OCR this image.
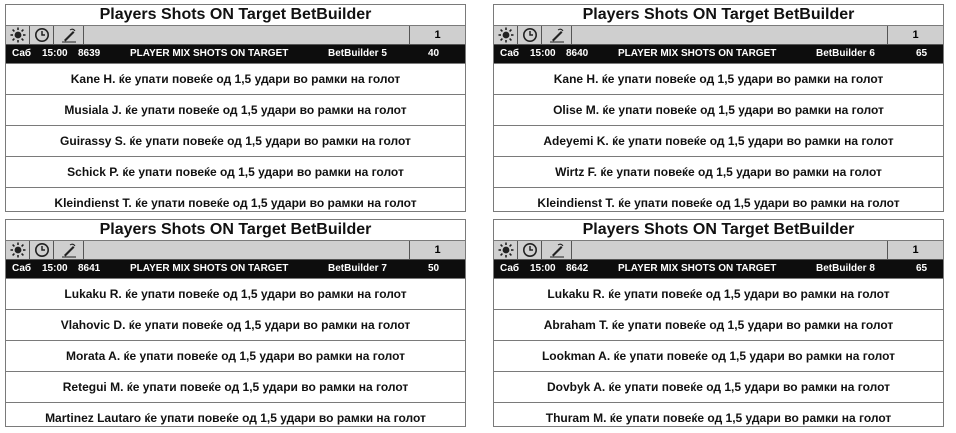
Players Shots ON Target BetBuilder
1
Саб 15:00 8639	PLAYER MIX SHOTS ON TARGET	BetBuilder 5	40
Kane H. ќе упати повеќе од 1,5 удари во рамки на голот
Musiala J. ќе упати повеќе од 1,5 удари во рамки на голот
Guirassy S. ќе упати повеќе од 1,5 удари во рамки на голот
Schick P. ќе упати повеќе од 1,5 удари во рамки на голот
Kleindienst T. ќе упати повеќе од 1,5 удари во рамки на голот
Players Shots ON Target BetBuilder
1
Саб 15:00 8640	PLAYER MIX SHOTS ON TARGET	BetBuilder 6	65
Kane H. ќе упати повеќе од 1,5 удари во рамки на голот
Olise M. ќе упати повеќе од 1,5 удари во рамки на голот
Adeyemi K. ќе упати повеќе од 1,5 удари во рамки на голот
Wirtz F. ќе упати повеќе од 1,5 удари во рамки на голот
Kleindienst T. ќе упати повеќе од 1,5 удари во рамки на голот
Players Shots ON Target BetBuilder
1
Саб 15:00 8641	PLAYER MIX SHOTS ON TARGET	BetBuilder 7	50
Lukaku R. ќе упати повеќе од 1,5 удари во рамки на голот
Vlahovic D. ќе упати повеќе од 1,5 удари во рамки на голот
Morata A. ќе упати повеќе од 1,5 удари во рамки на голот
Retegui M. ќе упати повеќе од 1,5 удари во рамки на голот
Martinez Lautaro ќе упати повеќе од 1,5 удари во рамки на голот
Players Shots ON Target BetBuilder
1
Саб 15:00 8642	PLAYER MIX SHOTS ON TARGET	BetBuilder 8	65
Lukaku R. ќе упати повеќе од 1,5 удари во рамки на голот
Abraham T. ќе упати повеќе од 1,5 удари во рамки на голот
Lookman A. ќе упати повеќе од 1,5 удари во рамки на голот
Dovbyk A. ќе упати повеќе од 1,5 удари во рамки на голот
Thuram M. ќе упати повеќе од 1,5 удари во рамки на голот
